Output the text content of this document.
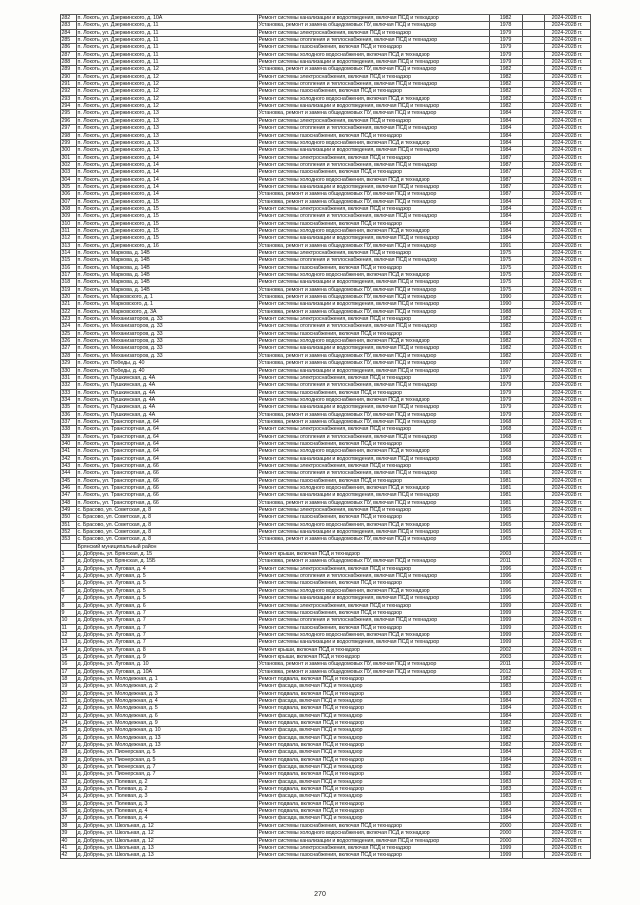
282	п. Локоть, ул. Дзержинского, д. 10А	Ремонт системы канализации и водоотведения, включая ПСД и техкадзор	1982	2024-2028 гг.
283	п. Локоть, ул. Дзержинского, д. 11	Установка, ремонт и замена общедомовых ПУ, включая ПСД и технадзор	1978	2024-2028 гг.
284	п. Локоть, ул. Дзержинского, д. 11	Ремонт системы электроснабжения, включая ПСД и технадзор	1979	2024-2028 гг.
285	п. Локоть, ул. Дзержинского, д. 11	Ремонт системы отопления и теплоснабжения, включая ПСД и технадзор	1979	2024-2028 гг.
286	п. Локоть, ул. Дзержинского, д. 11	Ремонт системы газоснабжения, включая ПСД и технадзор	1979	2024-2028 гг.
287	п. Локоть, ул. Дзержинского, д. 11	Ремонт системы холодного водоснабжения, включая ПСД и технадзор	1979	2024-2028 гг.
288	п. Локоть, ул. Дзержинского, д. 11	Ремонт системы канализации и водоотведения, включая ПСД и технадзор	1979	2024-2028 гг.
289	п. Локоть, ул. Дзержинского, д. 12	Установка, ремонт и замена общедомовых ПУ, включая ПСД и технадзор	1982	2024-2028 гг.
290	п. Локоть, ул. Дзержинского, д. 12	Ремонт системы электроснабжения, включая ПСД и технадзор	1982	2024-2028 гг.
291	п. Локоть, ул. Дзержинского, д. 12	Ремонт системы отопления и теплоснабжения, включая ПСД и технадзор	1982	2024-2028 гг.
292	п. Локоть, ул. Дзержинского, д. 12	Ремонт системы газоснабжения, включая ПСД и технадзор	1982	2024-2028 гг.
293	п. Локоть, ул. Дзержинского, д. 12	Ремонт системы холодного водоснабжения, включая ПСД и технадзор	1982	2024-2028 гг.
294	п. Локоть, ул. Дзержинского, д. 12	Ремонт системы канализации и водоотведения, включая ПСД и технадзор	1982	2024-2028 гг.
295	п. Локоть, ул. Дзержинского, д. 13	Установка, ремонт и замена общедомовых ПУ, включая ПСД и технадзор	1984	2024-2028 гг.
296	п. Локоть, ул. Дзержинского, д. 13	Ремонт системы электроснабжения, включая ПСД и технадзор	1984	2024-2028 гг.
297	п. Локоть, ул. Дзержинского, д. 13	Ремонт системы отопления и теплоснабжения, включая ПСД и технадзор	1984	2024-2028 гг.
298	п. Локоть, ул. Дзержинского, д. 13	Ремонт системы газоснабжения, включая ПСД и технадзор	1984	2024-2028 гг.
299	п. Локоть, ул. Дзержинского, д. 13	Ремонт системы холодного водоснабжения, включая ПСД и технадзор	1984	2024-2028 гг.
300	п. Локоть, ул. Дзержинского, д. 13	Ремонт системы канализации и водоотведения, включая ПСД и технадзор	1984	2024-2028 гг.
301	п. Локоть, ул. Дзержинского, д. 14	Ремонт системы электроснабжения, включая ПСД и технадзор	1987	2024-2028 гг.
302	п. Локоть, ул. Дзержинского, д. 14	Ремонт системы отопления и теплоснабжения, включая ПСД и технадзор	1987	2024-2028 гг.
303	п. Локоть, ул. Дзержинского, д. 14	Ремонт системы газоснабжения, включая ПСД и технадзор	1987	2024-2028 гг.
304	п. Локоть, ул. Дзержинского, д. 14	Ремонт системы холодного водоснабжения, включая ПСД и технадзор	1987	2024-2028 гг.
305	п. Локоть, ул. Дзержинского, д. 14	Ремонт системы канализации и водоотведения, включая ПСД и технадзор	1987	2024-2028 гг.
306	п. Локоть, ул. Дзержинского, д. 14	Установка, ремонт и замена общедомовых ПУ, включая ПСД и технадзор	1987	2024-2028 гг.
307	п. Локоть, ул. Дзержинского, д. 15	Установка, ремонт и замена общедомовых ПУ, включая ПСД и технадзор	1984	2024-2028 гг.
308	п. Локоть, ул. Дзержинского, д. 15	Ремонт системы электроснабжения, включая ПСД и технадзор	1984	2024-2028 гг.
309	п. Локоть, ул. Дзержинского, д. 15	Ремонт системы отопления и теплоснабжения, включая ПСД и технадзор	1984	2024-2028 гг.
310	п. Локоть, ул. Дзержинского, д. 15	Ремонт системы газоснабжения, включая ПСД и технадзор	1984	2024-2028 гг.
311	п. Локоть, ул. Дзержинского, д. 15	Ремонт системы холодного водоснабжения, включая ПСД и технадзор	1984	2024-2028 гг.
312	п. Локоть, ул. Дзержинского, д. 15	Ремонт системы канализации и водоотведения, включая ПСД и технадзор	1984	2024-2028 гг.
313	п. Локоть, ул. Дзержинского, д. 16	Установка, ремонт и замена общедомовых ПУ, включая ПСД и технадзор	1991	2024-2028 гг.
314	п. Локоть, ул. Маркова, д. 14В	Ремонт системы электроснабжения, включая ПСД и технадзор	1975	2024-2028 гг.
315	п. Локоть, ул. Маркова, д. 14В	Ремонт системы отопления и теплоснабжения, включая ПСД и технадзор	1975	2024-2028 гг.
316	п. Локоть, ул. Маркова, д. 14В	Ремонт системы газоснабжения, включая ПСД и технадзор	1975	2024-2028 гг.
317	п. Локоть, ул. Маркова, д. 14В	Ремонт системы холодного водоснабжения, включая ПСД и технадзор	1975	2024-2028 гг.
318	п. Локоть, ул. Маркова, д. 14В	Ремонт системы канализации и водоотведения, включая ПСД и технадзор	1975	2024-2028 гг.
319	п. Локоть, ул. Маркова, д. 14В	Установка, ремонт и замена общедомовых ПУ, включая ПСД и технадзор	1975	2024-2028 гг.
320	п. Локоть, ул. Марковского, д. 1	Установка, ремонт и замена общедомовых ПУ, включая ПСД и технадзор	1990	2024-2028 гг.
321	п. Локоть, ул. Марковского, д. 1	Ремонт системы канализации и водоотведения, включая ПСД и технадзор	1990	2024-2028 гг.
322	п. Локоть, ул. Марковского, д. 3А	Установка, ремонт и замена общедомовых ПУ, включая ПСД и технадзор	1988	2024-2028 гг.
323	п. Локоть, ул. Механизаторов, д. 33	Ремонт системы электроснабжения, включая ПСД и технадзор	1982	2024-2028 гг.
324	п. Локоть, ул. Механизаторов, д. 33	Ремонт системы отопления и теплоснабжения, включая ПСД и технадзор	1982	2024-2028 гг.
325	п. Локоть, ул. Механизаторов, д. 33	Ремонт системы газоснабжения, включая ПСД и технадзор	1982	2024-2028 гг.
326	п. Локоть, ул. Механизаторов, д. 33	Ремонт системы холодного водоснабжения, включая ПСД и технадзор	1982	2024-2028 гг.
327	п. Локоть, ул. Механизаторов, д. 33	Ремонт системы канализации и водоотведения, включая ПСД и технадзор	1982	2024-2028 гг.
328	п. Локоть, ул. Механизаторов, д. 33	Установка, ремонт и замена общедомовых ПУ, включая ПСД и технадзор	1982	2024-2028 гг.
329	п. Локоть, ул. Победы, д. 40	Установка, ремонт и замена общедомовых ПУ, включая ПСД и технадзор	1997	2024-2028 гг.
330	п. Локоть, ул. Победы, д. 40	Ремонт системы канализации и водоотведения, включая ПСД и технадзор	1997	2024-2028 гг.
331	п. Локоть, ул. Пушкинская, д. 4А	Ремонт системы электроснабжения, включая ПСД и технадзор	1979	2024-2028 гг.
332	п. Локоть, ул. Пушкинская, д. 4А	Ремонт системы отопления и теплоснабжения, включая ПСД и технадзор	1979	2024-2028 гг.
333	п. Локоть, ул. Пушкинская, д. 4А	Ремонт системы газоснабжения, включая ПСД и технадзор	1979	2024-2028 гг.
334	п. Локоть, ул. Пушкинская, д. 4А	Ремонт системы холодного водоснабжения, включая ПСД и технадзор	1979	2024-2028 гг.
335	п. Локоть, ул. Пушкинская, д. 4А	Ремонт системы канализации и водоотведения, включая ПСД и технадзор	1979	2024-2028 гг.
336	п. Локоть, ул. Пушкинская, д. 4А	Установка, ремонт и замена общедомовых ПУ, включая ПСД и технадзор	1979	2024-2028 гг.
337	п. Локоть, ул. Транспортная, д. 64	Установка, ремонт и замена общедомовых ПУ, включая ПСД и технадзор	1968	2024-2028 гг.
338	п. Локоть, ул. Транспортная, д. 64	Ремонт системы электроснабжения, включая ПСД и технадзор	1968	2024-2028 гг.
339	п. Локоть, ул. Транспортная, д. 64	Ремонт системы отопления и теплоснабжения, включая ПСД и технадзор	1968	2024-2028 гг.
340	п. Локоть, ул. Транспортная, д. 64	Ремонт системы газоснабжения, включая ПСД и технадзор	1968	2024-2028 гг.
341	п. Локоть, ул. Транспортная, д. 64	Ремонт системы холодного водоснабжения, включая ПСД и технадзор	1968	2024-2028 гг.
342	п. Локоть, ул. Транспортная, д. 64	Ремонт системы канализации и водоотведения, включая ПСД и технадзор	1968	2024-2028 гг.
343	п. Локоть, ул. Транспортная, д. 66	Ремонт системы электроснабжения, включая ПСД и технадзор	1981	2024-2028 гг.
344	п. Локоть, ул. Транспортная, д. 66	Ремонт системы отопления и теплоснабжения, включая ПСД и технадзор	1981	2024-2028 гг.
345	п. Локоть, ул. Транспортная, д. 66	Ремонт системы газоснабжения, включая ПСД и технадзор	1981	2024-2028 гг.
346	п. Локоть, ул. Транспортная, д. 66	Ремонт системы холодного водоснабжения, включая ПСД и технадзор	1981	2024-2028 гг.
347	п. Локоть, ул. Транспортная, д. 66	Ремонт системы канализации и водоотведения, включая ПСД и технадзор	1981	2024-2028 гг.
348	п. Локоть, ул. Транспортная, д. 66	Установка, ремонт и замена общедомовых ПУ, включая ПСД и технадзор	1981	2024-2028 гг.
349	с. Брасово, ул. Советская, д. 8	Ремонт системы электроснабжения, включая ПСД и технадзор	1965	2024-2028 гг.
350	с. Брасово, ул. Советская, д. 8	Ремонт системы газоснабжения, включая ПСД и технадзор	1965	2024-2028 гг.
351	с. Брасово, ул. Советская, д. 8	Ремонт системы холодного водоснабжения, включая ПСД и технадзор	1965	2024-2028 гг.
352	с. Брасово, ул. Советская, д. 8	Ремонт системы канализации и водоотведения, включая ПСД и технадзор	1965	2024-2028 гг.
353	с. Брасово, ул. Советская, д. 8	Установка, ремонт и замена общедомовых ПУ, включая ПСД и технадзор	1965	2024-2028 гг.
Брянский муниципальный район
1	д. Добрунь, ул. Брянская, д. 15	Ремонт крыши, включая ПСД и технадзор	2003	2024-2028 гг.
2	д. Добрунь, ул. Брянская, д. 15Б	Установка, ремонт и замена общедомовых ПУ, включая ПСД и технадзор	2011	2024-2028 гг.
3	д. Добрунь, ул. Луговая, д. 4	Ремонт системы электроснабжения, включая ПСД и технадзор	1996	2024-2028 гг.
4	д. Добрунь, ул. Луговая, д. 5	Ремонт системы отопления и теплоснабжения, включая ПСД и технадзор	1996	2024-2028 гг.
5	д. Добрунь, ул. Луговая, д. 5	Ремонт системы газоснабжения, включая ПСД и технадзор	1996	2024-2028 гг.
6	д. Добрунь, ул. Луговая, д. 5	Ремонт системы холодного водоснабжения, включая ПСД и технадзор	1996	2024-2028 гг.
7	д. Добрунь, ул. Луговая, д. 5	Ремонт системы канализации и водоотведения, включая ПСД и технадзор	1996	2024-2028 гг.
8	д. Добрунь, ул. Луговая, д. 6	Ремонт системы электроснабжения, включая ПСД и технадзор	1999	2024-2028 гг.
9	д. Добрунь, ул. Луговая, д. 7	Ремонт системы газоснабжения, включая ПСД и технадзор	1999	2024-2028 гг.
10	д. Добрунь, ул. Луговая, д. 7	Ремонт системы отопления и теплоснабжения, включая ПСД и технадзор	1999	2024-2028 гг.
11	д. Добрунь, ул. Луговая, д. 7	Ремонт системы газоснабжения, включая ПСД и технадзор	1999	2024-2028 гг.
12	д. Добрунь, ул. Луговая, д. 7	Ремонт системы холодного водоснабжения, включая ПСД и технадзор	1999	2024-2028 гг.
13	д. Добрунь, ул. Луговая, д. 7	Ремонт системы канализации и водоотведения, включая ПСД и технадзор	1999	2024-2028 гг.
14	д. Добрунь, ул. Луговая, д. 8	Ремонт крыши, включая ПСД и технадзор	2002	2024-2028 гг.
15	д. Добрунь, ул. Луговая, д. 9	Ремонт крыши, включая ПСД и технадзор	2003	2024-2028 гг.
16	д. Добрунь, ул. Луговая, д. 10	Установка, ремонт и замена общедомовых ПУ, включая ПСД и технадзор	2011	2024-2028 гг.
17	д. Добрунь, ул. Луговая, д. 10А	Установка, ремонт и замена общедомовых ПУ, включая ПСД и технадзор	2012	2024-2028 гг.
18	д. Добрунь, ул. Молодежная, д. 1	Ремонт подвала, включая ПСД и технадзор	1982	2024-2028 гг.
19	д. Добрунь, ул. Молодежная, д. 2	Ремонт фасада, включая ПСД и технадзор	1983	2024-2028 гг.
20	д. Добрунь, ул. Молодежная, д. 3	Ремонт подвала, включая ПСД и технадзор	1983	2024-2028 гг.
21	д. Добрунь, ул. Молодежная, д. 4	Ремонт фасада, включая ПСД и технадзор	1984	2024-2028 гг.
22	д. Добрунь, ул. Молодежная, д. 5	Ремонт подвала, включая ПСД и технадзор	1984	2024-2028 гг.
23	д. Добрунь, ул. Молодежная, д. 6	Ремонт фасада, включая ПСД и технадзор	1984	2024-2028 гг.
24	д. Добрунь, ул. Молодежная, д. 9	Ремонт подвала, включая ПСД и технадзор	1982	2024-2028 гг.
25	д. Добрунь, ул. Молодежная, д. 10	Ремонт фасада, включая ПСД и технадзор	1982	2024-2028 гг.
26	д. Добрунь, ул. Молодежная, д. 13	Ремонт фасада, включая ПСД и технадзор	1982	2024-2028 гг.
27	д. Добрунь, ул. Молодежная, д. 13	Ремонт подвала, включая ПСД и технадзор	1982	2024-2028 гг.
28	д. Добрунь, ул. Пионерская, д. 5	Ремонт фасада, включая ПСД и технадзор	1984	2024-2028 гг.
29	д. Добрунь, ул. Пионерская, д. 5	Ремонт подвала, включая ПСД и технадзор	1984	2024-2028 гг.
30	д. Добрунь, ул. Пионерская, д. 7	Ремонт фасада, включая ПСД и технадзор	1982	2024-2028 гг.
31	д. Добрунь, ул. Пионерская, д. 7	Ремонт подвала, включая ПСД и технадзор	1982	2024-2028 гг.
32	д. Добрунь, ул. Полевая, д. 2	Ремонт фасада, включая ПСД и технадзор	1983	2024-2028 гг.
33	д. Добрунь, ул. Полевая, д. 2	Ремонт подвала, включая ПСД и технадзор	1983	2024-2028 гг.
34	д. Добрунь, ул. Полевая, д. 3	Ремонт фасада, включая ПСД и технадзор	1983	2024-2028 гг.
35	д. Добрунь, ул. Полевая, д. 3	Ремонт подвала, включая ПСД и технадзор	1983	2024-2028 гг.
36	д. Добрунь, ул. Полевая, д. 4	Ремонт подвала, включая ПСД и технадзор	1984	2024-2028 гг.
37	д. Добрунь, ул. Полевая, д. 4	Ремонт фасада, включая ПСД и технадзор	1984	2024-2028 гг.
38	д. Добрунь, ул. Школьная, д. 12	Ремонт системы газоснабжения, включая ПСД и технадзор	2000	2024-2028 гг.
39	д. Добрунь, ул. Школьная, д. 12	Ремонт системы холодного водоснабжения, включая ПСД и технадзор	2000	2024-2028 гг.
40	д. Добрунь, ул. Школьная, д. 12	Ремонт системы канализации и водоотведения, включая ПСД и технадзор	2000	2024-2028 гг.
41	д. Добрунь, ул. Школьная, д. 13	Ремонт системы электроснабжения, включая ПСД и технадзор	1999	2024-2028 гг.
42	д. Добрунь, ул. Школьная, д. 13	Ремонт системы газоснабжения, включая ПСД и технадзор	1999	2024-2028 гг.
270
